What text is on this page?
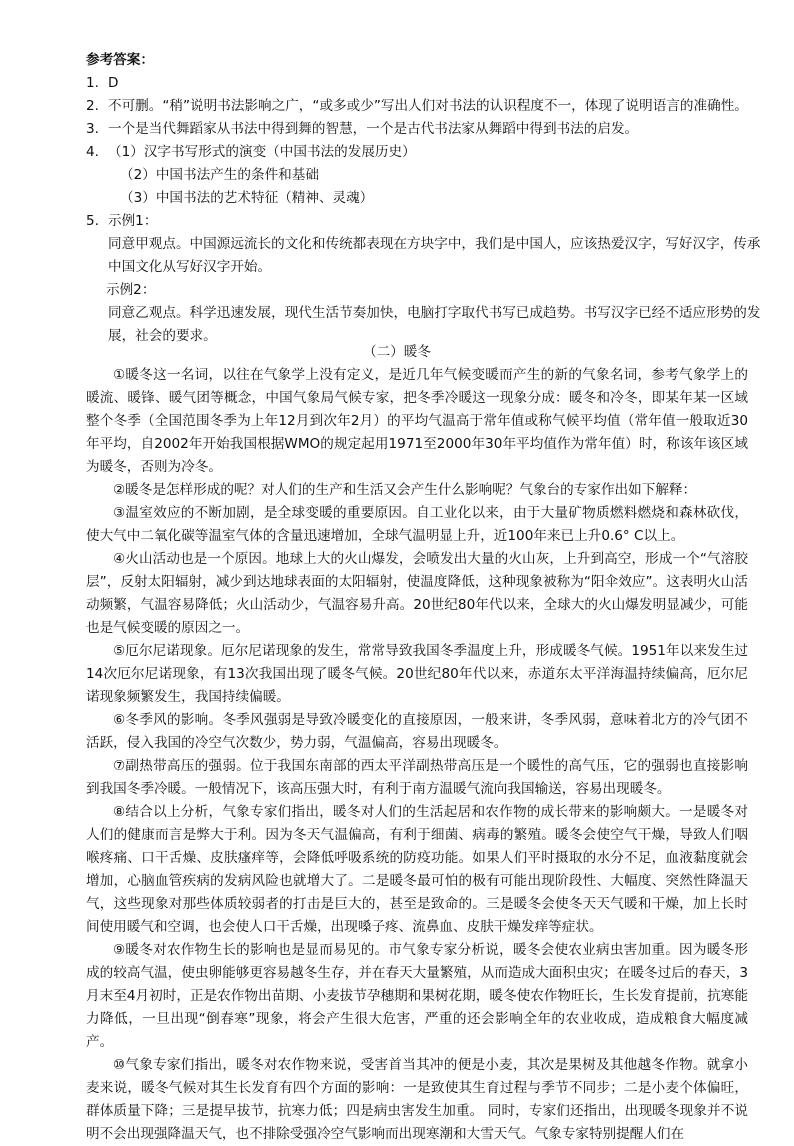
参考答案：
1. D
2. 不可删。“稍”说明书法影响之广，“或多或少”写出人们对书法的认识程度不一，体现了说明语言的准确性。
3. 一个是当代舞蹈家从书法中得到舞的智慧，一个是古代书法家从舞蹈中得到书法的启发。
4. （1）汉字书写形式的演变（中国书法的发展历史）
（2）中国书法产生的条件和基础
（3）中国书法的艺术特征（精神、灵魂）
5. 示例1：
同意甲观点。中国源远流长的文化和传统都表现在方块字中，我们是中国人，应该热爱汉字，写好汉字，传承中国文化从写好汉字开始。
示例2：
同意乙观点。科学迅速发展，现代生活节奏加快，电脑打字取代书写已成趋势。书写汉字已经不适应形势的发展，社会的要求。
（二）暖冬

①暖冬这一名词，以往在气象学上没有定义，是近几年气候变暖而产生的新的气象名词，参考气象学上的暖流、暖锋、暖气团等概念，中国气象局气候专家，把冬季冷暖这一现象分成：暖冬和冷冬，即某年某一区域整个冬季（全国范围冬季为上年12月到次年2月）的平均气温高于常年值或称气候平均值（常年值一般取近30年平均，自2002年开始我国根据WMO的规定起用1971至2000年30年平均值作为常年值）时，称该年该区域为暖冬，否则为冷冬。

②暖冬是怎样形成的呢？对人们的生产和生活又会产生什么影响呢？气象台的专家作出如下解释：

③温室效应的不断加剧，是全球变暖的重要原因。自工业化以来，由于大量矿物质燃料燃烧和森林砍伐，使大气中二氧化碳等温室气体的含量迅速增加，全球气温明显上升，近100年来已上升0.6° C以上。

④火山活动也是一个原因。地球上大的火山爆发，会喷发出大量的火山灰，上升到高空，形成一个“气溶胶层”，反射太阳辐射，减少到达地球表面的太阳辐射，使温度降低，这种现象被称为“阳伞效应”。这表明火山活动频繁，气温容易降低；火山活动少，气温容易升高。20世纪80年代以来，全球大的火山爆发明显减少，可能也是气候变暖的原因之一。

⑤厄尔尼诺现象。厄尔尼诺现象的发生，常常导致我国冬季温度上升，形成暖冬气候。1951年以来发生过14次厄尔尼诺现象，有13次我国出现了暖冬气候。20世纪80年代以来，赤道东太平洋海温持续偏高，厄尔尼诺现象频繁发生，我国持续偏暖。

⑥冬季风的影响。冬季风强弱是导致冷暖变化的直接原因，一般来讲，冬季风弱，意味着北方的冷气团不活跃，侵入我国的冷空气次数少，势力弱，气温偏高，容易出现暖冬。

⑦副热带高压的强弱。位于我国东南部的西太平洋副热带高压是一个暖性的高气压，它的强弱也直接影响到我国冬季冷暖。一般情况下，该高压强大时，有利于南方温暖气流向我国输送，容易出现暖冬。

⑧结合以上分析，气象专家们指出，暖冬对人们的生活起居和农作物的成长带来的影响颇大。一是暖冬对人们的健康而言是弊大于利。因为冬天气温偏高，有利于细菌、病毒的繁殖。暖冬会使空气干燥，导致人们咽喉疼痛、口干舌燥、皮肤瘙痒等，会降低呼吸系统的防疫功能。如果人们平时摄取的水分不足，血液黏度就会增加，心脑血管疾病的发病风险也就增大了。二是暖冬最可怕的极有可能出现阶段性、大幅度、突然性降温天气，这些现象对那些体质较弱者的打击是巨大的，甚至是致命的。三是暖冬会使冬天天气暖和干燥，加上长时间使用暖气和空调，也会使人口干舌燥，出现嗓子疼、流鼻血、皮肤干燥发痒等症状。

⑨暖冬对农作物生长的影响也是显而易见的。市气象专家分析说，暖冬会使农业病虫害加重。因为暖冬形成的较高气温，使虫卵能够更容易越冬生存，并在春天大量繁殖，从而造成大面积虫灾；在暖冬过后的春天，3月末至4月初时，正是农作物出苗期、小麦拔节孕穗期和果树花期，暖冬使农作物旺长，生长发育提前，抗寒能力降低，一旦出现“倒春寒”现象，将会产生很大危害，严重的还会影响全年的农业收成，造成粮食大幅度减产。

⑩气象专家们指出，暖冬对农作物来说，受害首当其冲的便是小麦，其次是果树及其他越冬作物。就拿小麦来说，暖冬气候对其生长发育有四个方面的影响：一是致使其生育过程与季节不同步；二是小麦个体偏旺，群体质量下降；三是提早拔节，抗寒力低；四是病虫害发生加重。 同时，专家们还指出，出现暖冬现象并不说明不会出现强降温天气，也不排除受强冷空气影响而出现寒潮和大雪天气。气象专家特别提醒人们在
